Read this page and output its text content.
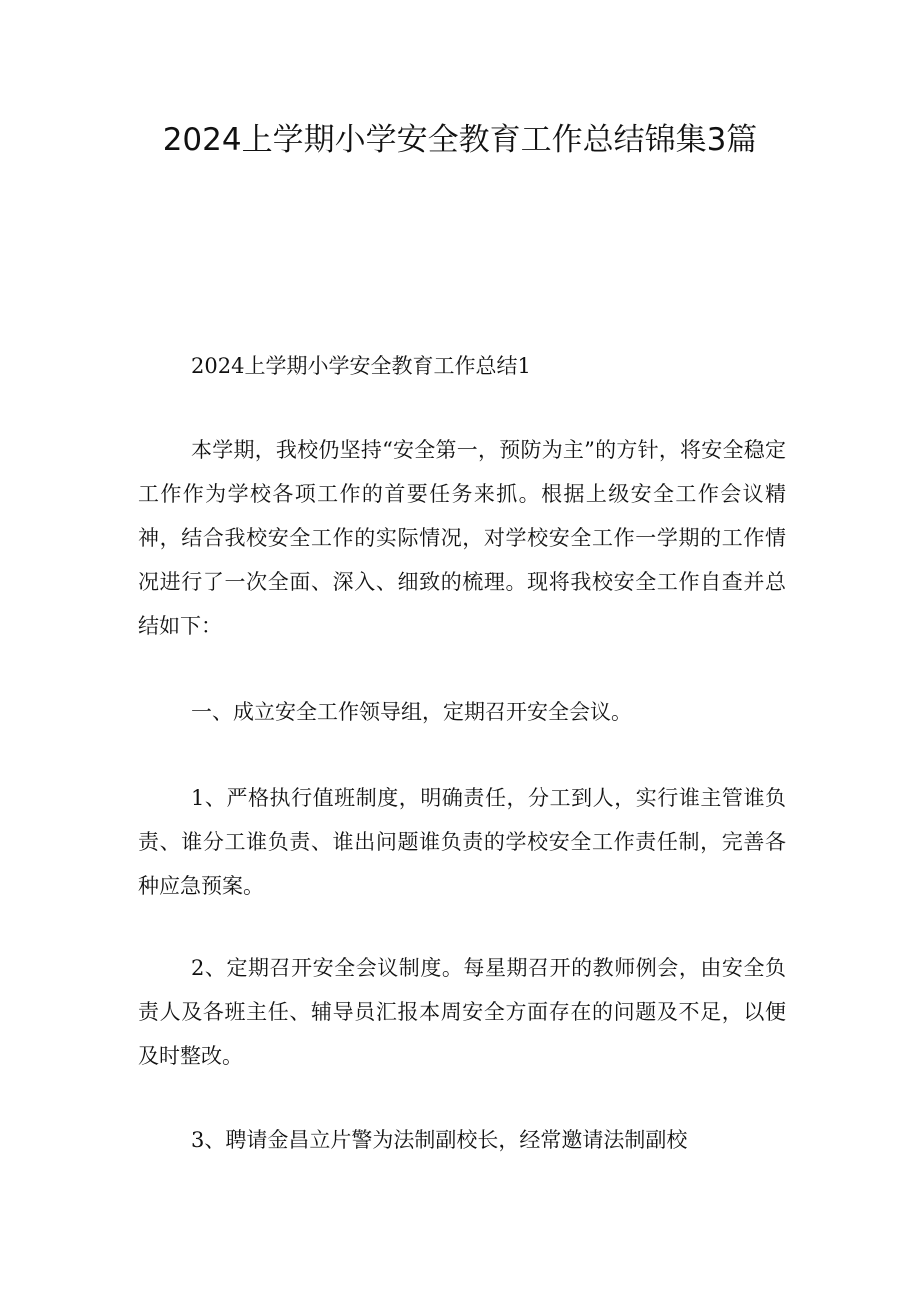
2024上学期小学安全教育工作总结锦集3篇

2024上学期小学安全教育工作总结1

本学期，我校仍坚持“安全第一，预防为主”的方针，将安全稳定工作作为学校各项工作的首要任务来抓。根据上级安全工作会议精神，结合我校安全工作的实际情况，对学校安全工作一学期的工作情况进行了一次全面、深入、细致的梳理。现将我校安全工作自查并总结如下：

一、成立安全工作领导组，定期召开安全会议。

1、严格执行值班制度，明确责任，分工到人，实行谁主管谁负责、谁分工谁负责、谁出问题谁负责的学校安全工作责任制，完善各种应急预案。

2、定期召开安全会议制度。每星期召开的教师例会，由安全负责人及各班主任、辅导员汇报本周安全方面存在的问题及不足，以便及时整改。

3、聘请金昌立片警为法制副校长，经常邀请法制副校
